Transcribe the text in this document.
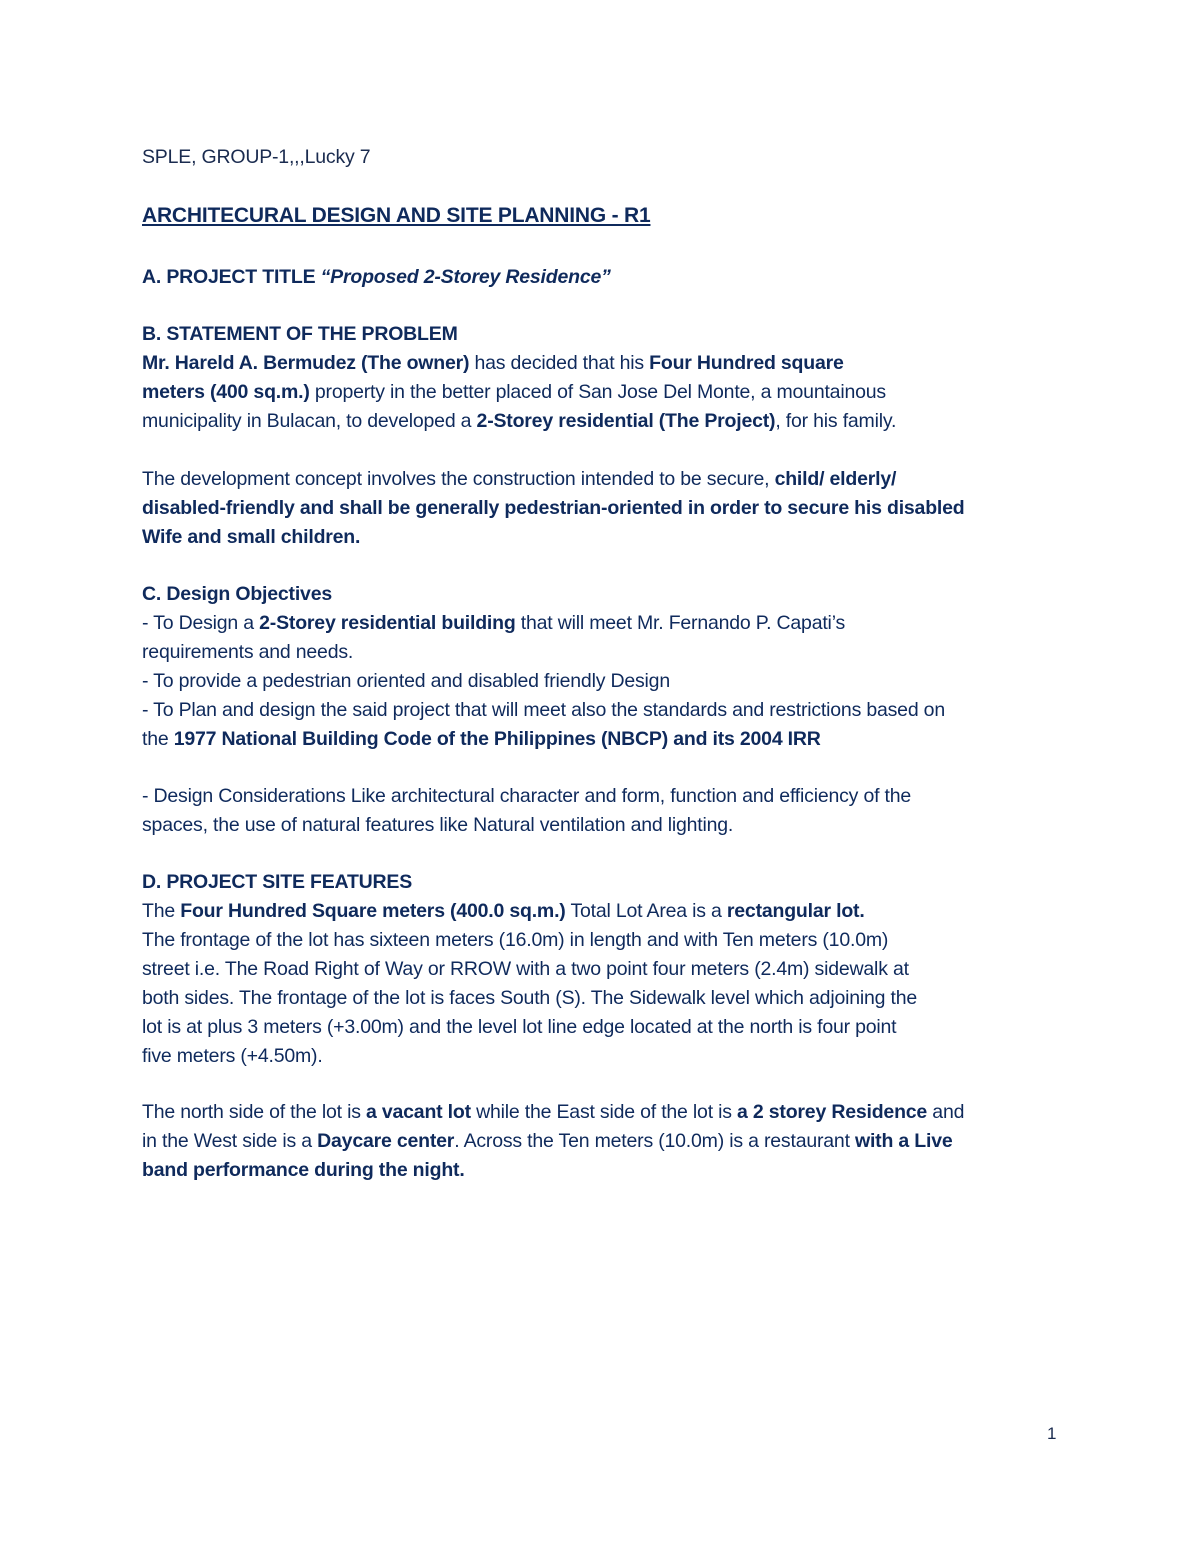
SPLE, GROUP-1,,,Lucky 7
ARCHITECURAL DESIGN AND SITE PLANNING - R1
A. PROJECT TITLE “Proposed 2-Storey Residence”
B. STATEMENT OF THE PROBLEM
Mr. Hareld A. Bermudez (The owner) has decided that his Four Hundred square
meters (400 sq.m.) property in the better placed of San Jose Del Monte, a mountainous
municipality in Bulacan, to developed a 2-Storey residential (The Project), for his family.
The development concept involves the construction intended to be secure, child/ elderly/
disabled-friendly and shall be generally pedestrian-oriented in order to secure his disabled
Wife and small children.
C. Design Objectives
- To Design a 2-Storey residential building that will meet Mr. Fernando P. Capati’s
requirements and needs.
- To provide a pedestrian oriented and disabled friendly Design
- To Plan and design the said project that will meet also the standards and restrictions based on
the 1977 National Building Code of the Philippines (NBCP) and its 2004 IRR
- Design Considerations Like architectural character and form, function and efficiency of the
spaces, the use of natural features like Natural ventilation and lighting.
D. PROJECT SITE FEATURES
The Four Hundred Square meters (400.0 sq.m.) Total Lot Area is a rectangular lot.
The frontage of the lot has sixteen meters (16.0m) in length and with Ten meters (10.0m)
street i.e. The Road Right of Way or RROW with a two point four meters (2.4m) sidewalk at
both sides. The frontage of the lot is faces South (S). The Sidewalk level which adjoining the
lot is at plus 3 meters (+3.00m) and the level lot line edge located at the north is four point
five meters (+4.50m).
The north side of the lot is a vacant lot while the East side of the lot is a 2 storey Residence and
in the West side is a Daycare center. Across the Ten meters (10.0m) is a restaurant with a Live
band performance during the night.
1
